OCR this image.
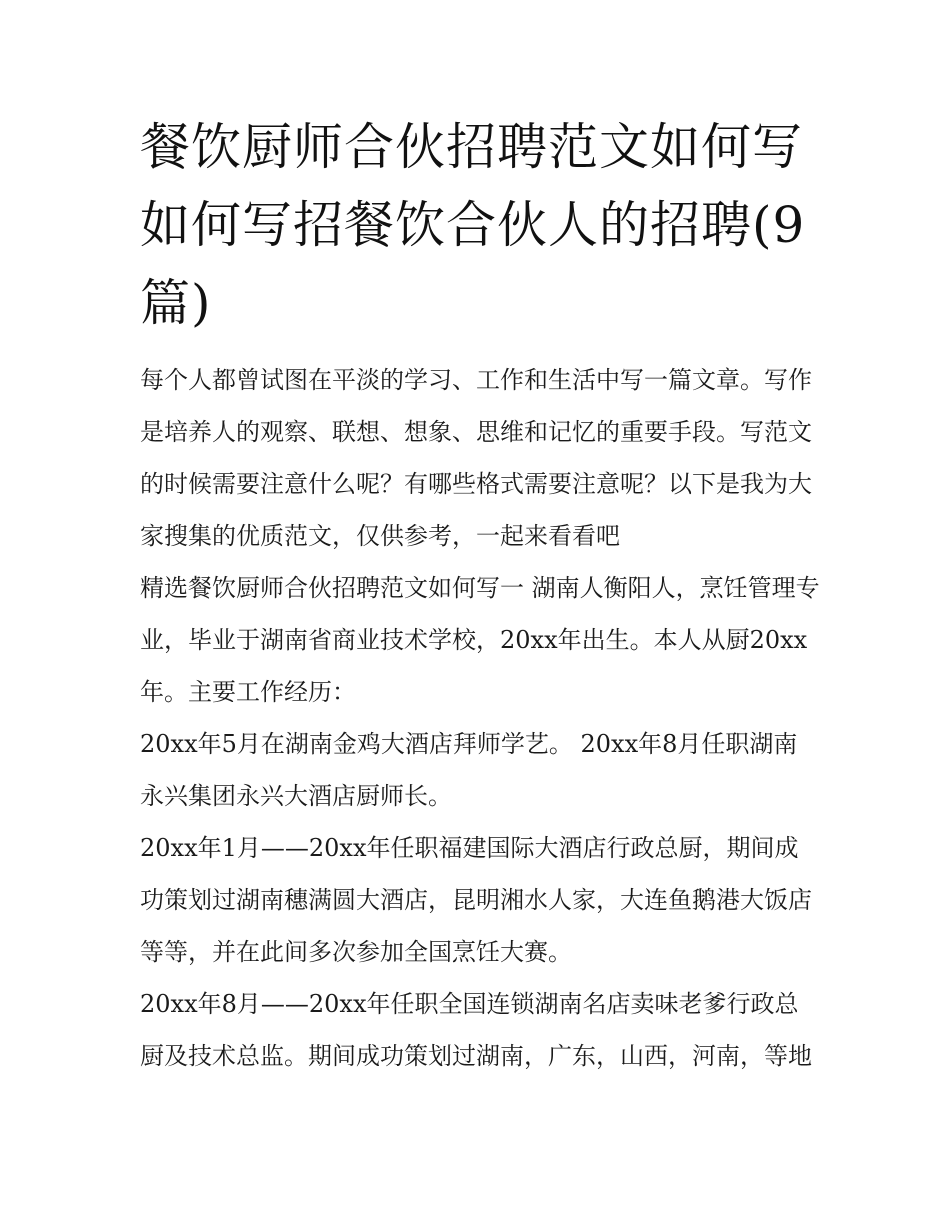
餐饮厨师合伙招聘范文如何写如何写招餐饮合伙人的招聘(9篇)

每个人都曾试图在平淡的学习、工作和生活中写一篇文章。写作是培养人的观察、联想、想象、思维和记忆的重要手段。写范文的时候需要注意什么呢？有哪些格式需要注意呢？以下是我为大家搜集的优质范文，仅供参考，一起来看看吧

精选餐饮厨师合伙招聘范文如何写一 湖南人衡阳人，烹饪管理专业，毕业于湖南省商业技术学校，20xx年出生。本人从厨20xx年。主要工作经历：

20xx年5月在湖南金鸡大酒店拜师学艺。 20xx年8月任职湖南永兴集团永兴大酒店厨师长。

20xx年1月——20xx年任职福建国际大酒店行政总厨，期间成功策划过湖南穗满圆大酒店，昆明湘水人家，大连鱼鹅港大饭店等等，并在此间多次参加全国烹饪大赛。

20xx年8月——20xx年任职全国连锁湖南名店卖味老爹行政总厨及技术总监。期间成功策划过湖南，广东，山西，河南，等地
